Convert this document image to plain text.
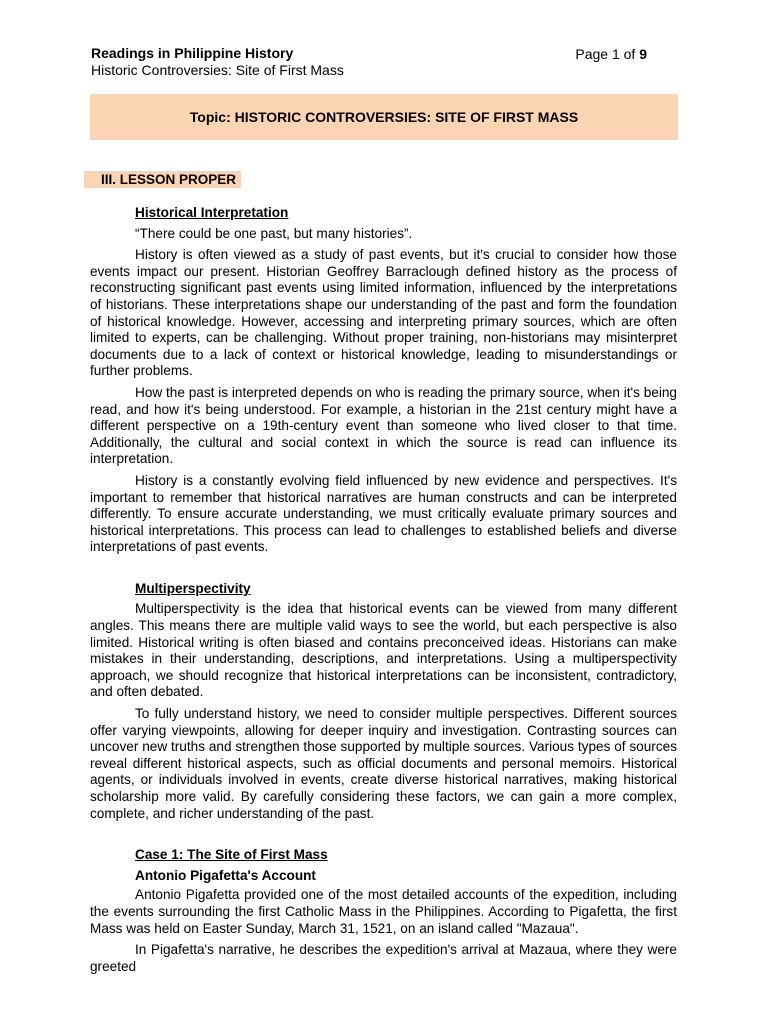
Readings in Philippine History
Historic Controversies: Site of First Mass
Page 1 of 9
Topic: HISTORIC CONTROVERSIES: SITE OF FIRST MASS
III. LESSON PROPER
Historical Interpretation

“There could be one past, but many histories”.

History is often viewed as a study of past events, but it's crucial to consider how those events impact our present. Historian Geoffrey Barraclough defined history as the process of reconstructing significant past events using limited information, influenced by the interpretations of historians. These interpretations shape our understanding of the past and form the foundation of historical knowledge. However, accessing and interpreting primary sources, which are often limited to experts, can be challenging. Without proper training, non-historians may misinterpret documents due to a lack of context or historical knowledge, leading to misunderstandings or further problems.

How the past is interpreted depends on who is reading the primary source, when it's being read, and how it's being understood. For example, a historian in the 21st century might have a different perspective on a 19th-century event than someone who lived closer to that time. Additionally, the cultural and social context in which the source is read can influence its interpretation.

History is a constantly evolving field influenced by new evidence and perspectives. It's important to remember that historical narratives are human constructs and can be interpreted differently. To ensure accurate understanding, we must critically evaluate primary sources and historical interpretations. This process can lead to challenges to established beliefs and diverse interpretations of past events.

Multiperspectivity

Multiperspectivity is the idea that historical events can be viewed from many different angles. This means there are multiple valid ways to see the world, but each perspective is also limited. Historical writing is often biased and contains preconceived ideas. Historians can make mistakes in their understanding, descriptions, and interpretations. Using a multiperspectivity approach, we should recognize that historical interpretations can be inconsistent, contradictory, and often debated.

To fully understand history, we need to consider multiple perspectives. Different sources offer varying viewpoints, allowing for deeper inquiry and investigation. Contrasting sources can uncover new truths and strengthen those supported by multiple sources. Various types of sources reveal different historical aspects, such as official documents and personal memoirs. Historical agents, or individuals involved in events, create diverse historical narratives, making historical scholarship more valid. By carefully considering these factors, we can gain a more complex, complete, and richer understanding of the past.

Case 1: The Site of First Mass
Antonio Pigafetta's Account

Antonio Pigafetta provided one of the most detailed accounts of the expedition, including the events surrounding the first Catholic Mass in the Philippines. According to Pigafetta, the first Mass was held on Easter Sunday, March 31, 1521, on an island called "Mazaua".

In Pigafetta's narrative, he describes the expedition's arrival at Mazaua, where they were greeted
